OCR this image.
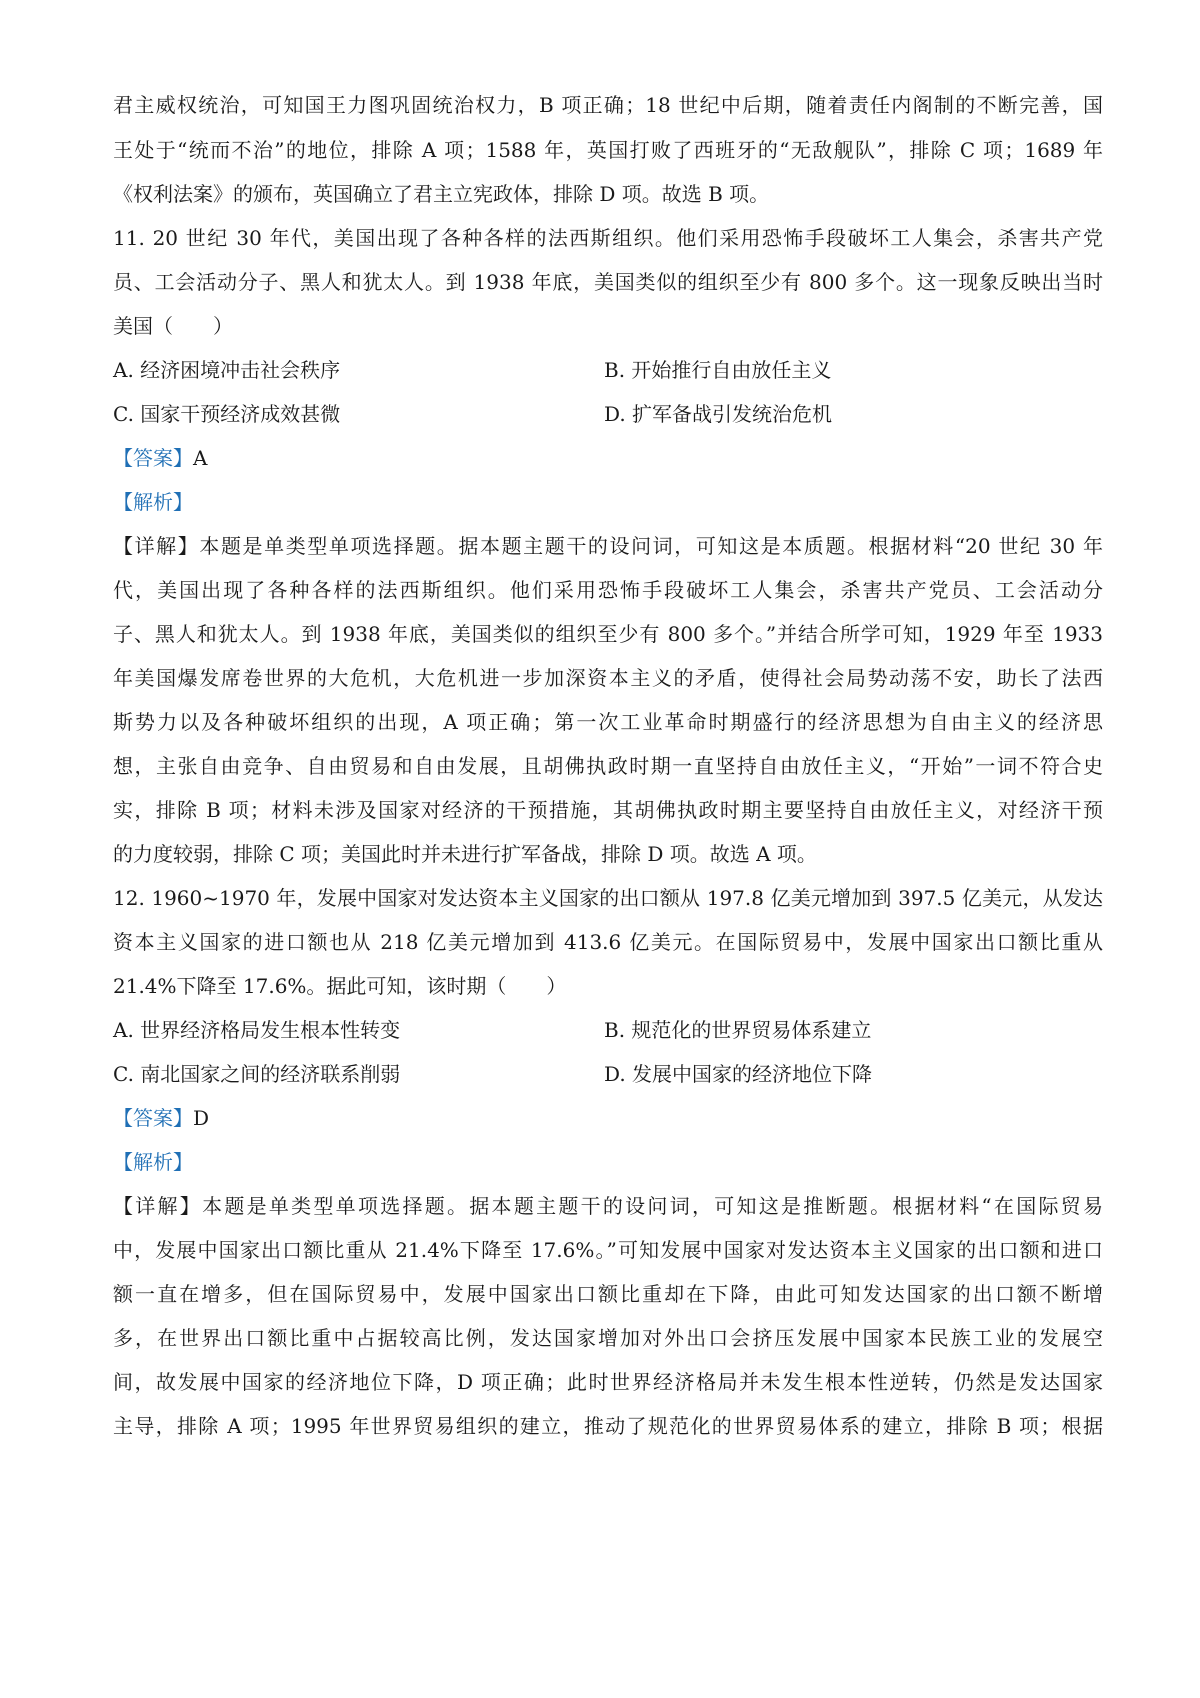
君主威权统治，可知国王力图巩固统治权力，B 项正确；18 世纪中后期，随着责任内阁制的不断完善，国
王处于“统而不治”的地位，排除 A 项；1588 年，英国打败了西班牙的“无敌舰队”，排除 C 项；1689 年
《权利法案》的颁布，英国确立了君主立宪政体，排除 D 项。故选 B 项。
11. 20 世纪 30 年代，美国出现了各种各样的法西斯组织。他们采用恐怖手段破坏工人集会，杀害共产党
员、工会活动分子、黑人和犹太人。到 1938 年底，美国类似的组织至少有 800 多个。这一现象反映出当时
美国（　　）
A. 经济困境冲击社会秩序	B. 开始推行自由放任主义
C. 国家干预经济成效甚微	D. 扩军备战引发统治危机
【答案】A
【解析】
【详解】本题是单类型单项选择题。据本题主题干的设问词，可知这是本质题。根据材料“20 世纪 30 年
代，美国出现了各种各样的法西斯组织。他们采用恐怖手段破坏工人集会，杀害共产党员、工会活动分
子、黑人和犹太人。到 1938 年底，美国类似的组织至少有 800 多个。”并结合所学可知，1929 年至 1933
年美国爆发席卷世界的大危机，大危机进一步加深资本主义的矛盾，使得社会局势动荡不安，助长了法西
斯势力以及各种破坏组织的出现，A 项正确；第一次工业革命时期盛行的经济思想为自由主义的经济思
想，主张自由竞争、自由贸易和自由发展，且胡佛执政时期一直坚持自由放任主义，“开始”一词不符合史
实，排除 B 项；材料未涉及国家对经济的干预措施，其胡佛执政时期主要坚持自由放任主义，对经济干预
的力度较弱，排除 C 项；美国此时并未进行扩军备战，排除 D 项。故选 A 项。
12. 1960~1970 年，发展中国家对发达资本主义国家的出口额从 197.8 亿美元增加到 397.5 亿美元，从发达
资本主义国家的进口额也从 218 亿美元增加到 413.6 亿美元。在国际贸易中，发展中国家出口额比重从
21.4%下降至 17.6%。据此可知，该时期（　　）
A. 世界经济格局发生根本性转变	B. 规范化的世界贸易体系建立
C. 南北国家之间的经济联系削弱	D. 发展中国家的经济地位下降
【答案】D
【解析】
【详解】本题是单类型单项选择题。据本题主题干的设问词，可知这是推断题。根据材料“在国际贸易
中，发展中国家出口额比重从 21.4%下降至 17.6%。”可知发展中国家对发达资本主义国家的出口额和进口
额一直在增多，但在国际贸易中，发展中国家出口额比重却在下降，由此可知发达国家的出口额不断增
多，在世界出口额比重中占据较高比例，发达国家增加对外出口会挤压发展中国家本民族工业的发展空
间，故发展中国家的经济地位下降，D 项正确；此时世界经济格局并未发生根本性逆转，仍然是发达国家
主导，排除 A 项；1995 年世界贸易组织的建立，推动了规范化的世界贸易体系的建立，排除 B 项；根据
